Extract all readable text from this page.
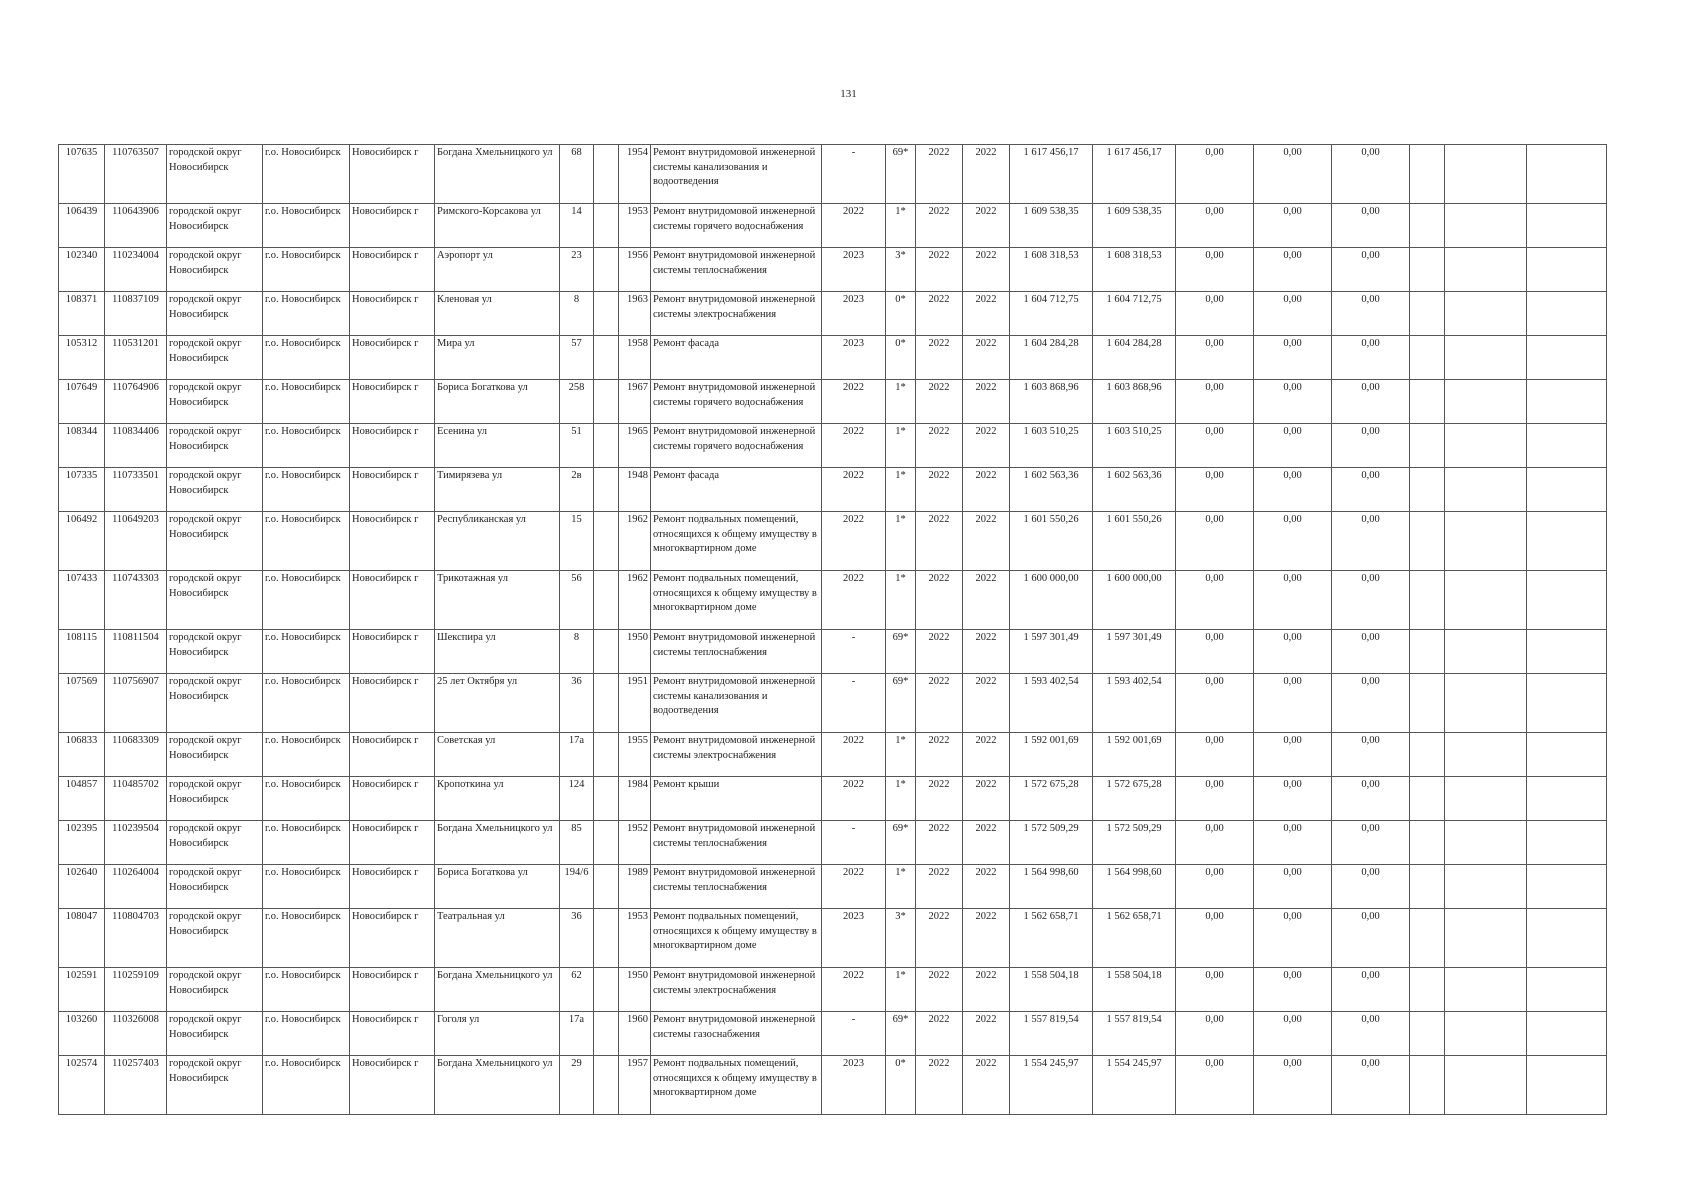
131
107635	110763507	городской округ Новосибирск	г.о. Новосибирск	Новосибирск г	Богдана Хмельницкого ул	68		1954	Ремонт внутридомовой инженерной системы канализования и водоотведения	-	69*	2022	2022	1 617 456,17	1 617 456,17	0,00	0,00	0,00			
106439	110643906	городской округ Новосибирск	г.о. Новосибирск	Новосибирск г	Римского-Корсакова ул	14		1953	Ремонт внутридомовой инженерной системы горячего водоснабжения	2022	1*	2022	2022	1 609 538,35	1 609 538,35	0,00	0,00	0,00			
102340	110234004	городской округ Новосибирск	г.о. Новосибирск	Новосибирск г	Аэропорт ул	23		1956	Ремонт внутридомовой инженерной системы теплоснабжения	2023	3*	2022	2022	1 608 318,53	1 608 318,53	0,00	0,00	0,00			
108371	110837109	городской округ Новосибирск	г.о. Новосибирск	Новосибирск г	Кленовая ул	8		1963	Ремонт внутридомовой инженерной системы электроснабжения	2023	0*	2022	2022	1 604 712,75	1 604 712,75	0,00	0,00	0,00			
105312	110531201	городской округ Новосибирск	г.о. Новосибирск	Новосибирск г	Мира ул	57		1958	Ремонт фасада	2023	0*	2022	2022	1 604 284,28	1 604 284,28	0,00	0,00	0,00			
107649	110764906	городской округ Новосибирск	г.о. Новосибирск	Новосибирск г	Бориса Богаткова ул	258		1967	Ремонт внутридомовой инженерной системы горячего водоснабжения	2022	1*	2022	2022	1 603 868,96	1 603 868,96	0,00	0,00	0,00			
108344	110834406	городской округ Новосибирск	г.о. Новосибирск	Новосибирск г	Есенина ул	51		1965	Ремонт внутридомовой инженерной системы горячего водоснабжения	2022	1*	2022	2022	1 603 510,25	1 603 510,25	0,00	0,00	0,00			
107335	110733501	городской округ Новосибирск	г.о. Новосибирск	Новосибирск г	Тимирязева ул	2в		1948	Ремонт фасада	2022	1*	2022	2022	1 602 563,36	1 602 563,36	0,00	0,00	0,00			
106492	110649203	городской округ Новосибирск	г.о. Новосибирск	Новосибирск г	Республиканская ул	15		1962	Ремонт подвальных помещений, относящихся к общему имуществу в многоквартирном доме	2022	1*	2022	2022	1 601 550,26	1 601 550,26	0,00	0,00	0,00			
107433	110743303	городской округ Новосибирск	г.о. Новосибирск	Новосибирск г	Трикотажная ул	56		1962	Ремонт подвальных помещений, относящихся к общему имуществу в многоквартирном доме	2022	1*	2022	2022	1 600 000,00	1 600 000,00	0,00	0,00	0,00			
108115	110811504	городской округ Новосибирск	г.о. Новосибирск	Новосибирск г	Шекспира ул	8		1950	Ремонт внутридомовой инженерной системы теплоснабжения	-	69*	2022	2022	1 597 301,49	1 597 301,49	0,00	0,00	0,00			
107569	110756907	городской округ Новосибирск	г.о. Новосибирск	Новосибирск г	25 лет Октября ул	36		1951	Ремонт внутридомовой инженерной системы канализования и водоотведения	-	69*	2022	2022	1 593 402,54	1 593 402,54	0,00	0,00	0,00			
106833	110683309	городской округ Новосибирск	г.о. Новосибирск	Новосибирск г	Советская ул	17а		1955	Ремонт внутридомовой инженерной системы электроснабжения	2022	1*	2022	2022	1 592 001,69	1 592 001,69	0,00	0,00	0,00			
104857	110485702	городской округ Новосибирск	г.о. Новосибирск	Новосибирск г	Кропоткина ул	124		1984	Ремонт крыши	2022	1*	2022	2022	1 572 675,28	1 572 675,28	0,00	0,00	0,00			
102395	110239504	городской округ Новосибирск	г.о. Новосибирск	Новосибирск г	Богдана Хмельницкого ул	85		1952	Ремонт внутридомовой инженерной системы теплоснабжения	-	69*	2022	2022	1 572 509,29	1 572 509,29	0,00	0,00	0,00			
102640	110264004	городской округ Новосибирск	г.о. Новосибирск	Новосибирск г	Бориса Богаткова ул	194/6		1989	Ремонт внутридомовой инженерной системы теплоснабжения	2022	1*	2022	2022	1 564 998,60	1 564 998,60	0,00	0,00	0,00			
108047	110804703	городской округ Новосибирск	г.о. Новосибирск	Новосибирск г	Театральная ул	36		1953	Ремонт подвальных помещений, относящихся к общему имуществу в многоквартирном доме	2023	3*	2022	2022	1 562 658,71	1 562 658,71	0,00	0,00	0,00			
102591	110259109	городской округ Новосибирск	г.о. Новосибирск	Новосибирск г	Богдана Хмельницкого ул	62		1950	Ремонт внутридомовой инженерной системы электроснабжения	2022	1*	2022	2022	1 558 504,18	1 558 504,18	0,00	0,00	0,00			
103260	110326008	городской округ Новосибирск	г.о. Новосибирск	Новосибирск г	Гоголя ул	17а		1960	Ремонт внутридомовой инженерной системы газоснабжения	-	69*	2022	2022	1 557 819,54	1 557 819,54	0,00	0,00	0,00			
102574	110257403	городской округ Новосибирск	г.о. Новосибирск	Новосибирск г	Богдана Хмельницкого ул	29		1957	Ремонт подвальных помещений, относящихся к общему имуществу в многоквартирном доме	2023	0*	2022	2022	1 554 245,97	1 554 245,97	0,00	0,00	0,00			
